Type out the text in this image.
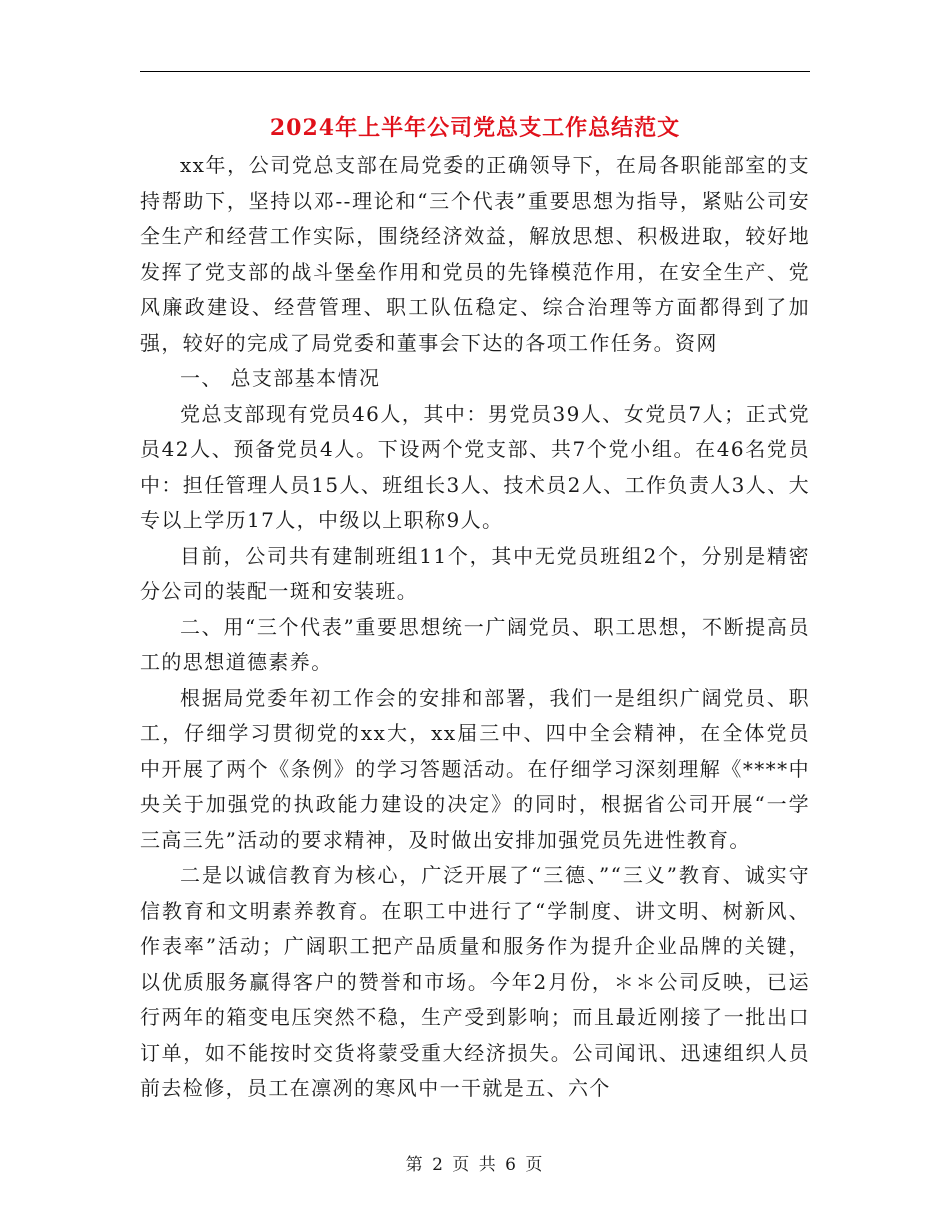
2024年上半年公司党总支工作总结范文

xx年，公司党总支部在局党委的正确领导下，在局各职能部室的支持帮助下，坚持以邓--理论和“三个代表”重要思想为指导，紧贴公司安全生产和经营工作实际，围绕经济效益，解放思想、积极进取，较好地发挥了党支部的战斗堡垒作用和党员的先锋模范作用，在安全生产、党风廉政建设、经营管理、职工队伍稳定、综合治理等方面都得到了加强，较好的完成了局党委和董事会下达的各项工作任务。资网

一、 总支部基本情况

党总支部现有党员46人，其中：男党员39人、女党员7人；正式党员42人、预备党员4人。下设两个党支部、共7个党小组。在46名党员中：担任管理人员15人、班组长3人、技术员2人、工作负责人3人、大专以上学历17人，中级以上职称9人。

目前，公司共有建制班组11个，其中无党员班组2个，分别是精密分公司的装配一斑和安装班。

二、用“三个代表”重要思想统一广阔党员、职工思想，不断提高员工的思想道德素养。

根据局党委年初工作会的安排和部署，我们一是组织广阔党员、职工，仔细学习贯彻党的xx大，xx届三中、四中全会精神，在全体党员中开展了两个《条例》的学习答题活动。在仔细学习深刻理解《****中央关于加强党的执政能力建设的决定》的同时，根据省公司开展“一学三高三先”活动的要求精神，及时做出安排加强党员先进性教育。

二是以诚信教育为核心，广泛开展了“三德、”“三义”教育、诚实守信教育和文明素养教育。在职工中进行了“学制度、讲文明、树新风、作表率”活动；广阔职工把产品质量和服务作为提升企业品牌的关键，以优质服务赢得客户的赞誉和市场。今年2月份，＊＊公司反映，已运行两年的箱变电压突然不稳，生产受到影响；而且最近刚接了一批出口订单，如不能按时交货将蒙受重大经济损失。公司闻讯、迅速组织人员前去检修，员工在凛冽的寒风中一干就是五、六个

第 2 页 共 6 页
